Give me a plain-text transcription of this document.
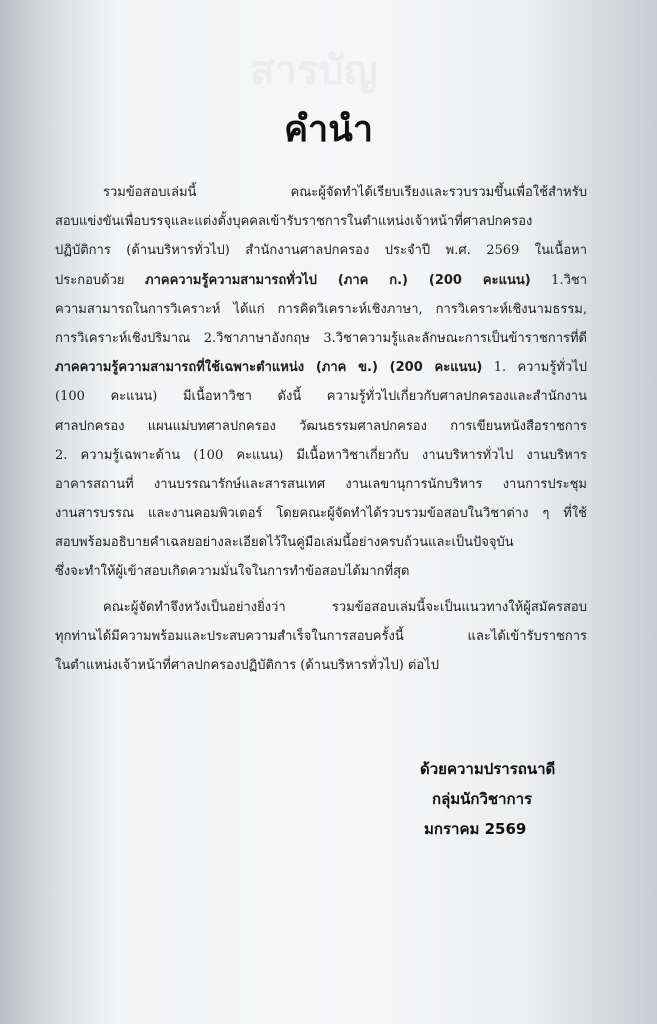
สารบัญ
คำนำ
รวมข้อสอบเล่มนี้ คณะผู้จัดทำได้เรียบเรียงและรวบรวมขึ้นเพื่อใช้สำหรับ
สอบแข่งขันเพื่อบรรจุและแต่งตั้งบุคคลเข้ารับราชการในตำแหน่งเจ้าหน้าที่ศาลปกครอง
ปฏิบัติการ (ด้านบริหารทั่วไป) สำนักงานศาลปกครอง ประจำปี พ.ศ. 2569 ในเนื้อหา
ประกอบด้วย ภาคความรู้ความสามารถทั่วไป (ภาค ก.) (200 คะแนน) 1.วิชา
ความสามารถในการวิเคราะห์ ได้แก่ การคิดวิเคราะห์เชิงภาษา, การวิเคราะห์เชิงนามธรรม,
การวิเคราะห์เชิงปริมาณ 2.วิชาภาษาอังกฤษ 3.วิชาความรู้และลักษณะการเป็นข้าราชการที่ดี
ภาคความรู้ความสามารถที่ใช้เฉพาะตำแหน่ง (ภาค ข.) (200 คะแนน) 1. ความรู้ทั่วไป
(100 คะแนน) มีเนื้อหาวิชา ดังนี้ ความรู้ทั่วไปเกี่ยวกับศาลปกครองและสำนักงาน
ศาลปกครอง แผนแม่บทศาลปกครอง วัฒนธรรมศาลปกครอง การเขียนหนังสือราชการ
2. ความรู้เฉพาะด้าน (100 คะแนน) มีเนื้อหาวิชาเกี่ยวกับ งานบริหารทั่วไป งานบริหาร
อาคารสถานที่ งานบรรณารักษ์และสารสนเทศ งานเลขานุการนักบริหาร งานการประชุม
งานสารบรรณ และงานคอมพิวเตอร์ โดยคณะผู้จัดทำได้รวบรวมข้อสอบในวิชาต่าง ๆ ที่ใช้
สอบพร้อมอธิบายคำเฉลยอย่างละเอียดไว้ในคู่มือเล่มนี้อย่างครบถ้วนและเป็นปัจจุบัน
ซึ่งจะทำให้ผู้เข้าสอบเกิดความมั่นใจในการทำข้อสอบได้มากที่สุด
คณะผู้จัดทำจึงหวังเป็นอย่างยิ่งว่า รวมข้อสอบเล่มนี้จะเป็นแนวทางให้ผู้สมัครสอบ
ทุกท่านได้มีความพร้อมและประสบความสำเร็จในการสอบครั้งนี้ และได้เข้ารับราชการ
ในตำแหน่งเจ้าหน้าที่ศาลปกครองปฏิบัติการ (ด้านบริหารทั่วไป) ต่อไป
ด้วยความปรารถนาดี
กลุ่มนักวิชาการ
มกราคม 2569
